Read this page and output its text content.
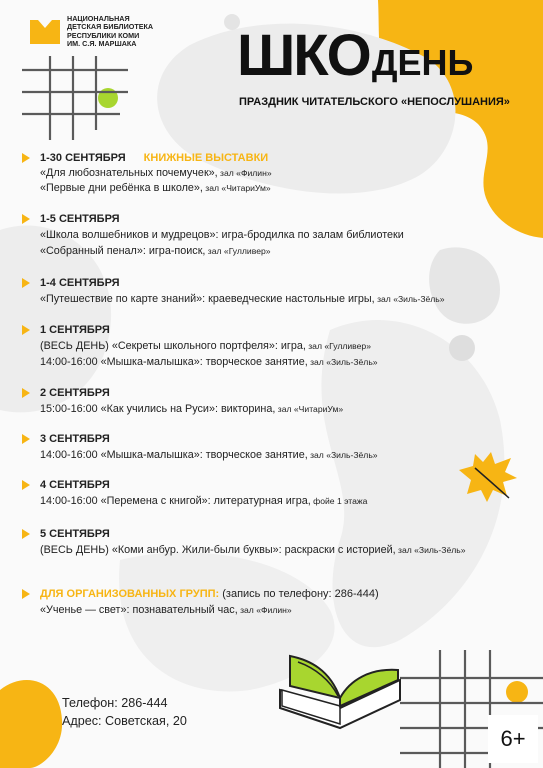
НАЦИОНАЛЬНАЯ
ДЕТСКАЯ БИБЛИОТЕКА
РЕСПУБЛИКИ КОМИ
ИМ. С.Я. МАРШАКА ШКОДЕНЬ
ПРАЗДНИК ЧИТАТЕЛЬСКОГО «НЕПОСЛУШАНИЯ»
1-30 СЕНТЯБРЯ КНИЖНЫЕ ВЫСТАВКИ
«Для любознательных почемучек», зал «Филин»
«Первые дни ребёнка в школе», зал «ЧитариУм»
1-5 СЕНТЯБРЯ
«Школа волшебников и мудрецов»: игра-бродилка по залам библиотеки
«Собранный пенал»: игра-поиск, зал «Гулливер»
1-4 СЕНТЯБРЯ
«Путешествие по карте знаний»: краеведческие настольные игры, зал «Зиль-Зёль»
1 СЕНТЯБРЯ
(ВЕСЬ ДЕНЬ) «Секреты школьного портфеля»: игра, зал «Гулливер»
14:00-16:00 «Мышка-малышка»: творческое занятие, зал «Зиль-Зёль»
2 СЕНТЯБРЯ
15:00-16:00 «Как учились на Руси»: викторина, зал «ЧитариУм»
3 СЕНТЯБРЯ
14:00-16:00 «Мышка-малышка»: творческое занятие, зал «Зиль-Зёль»
4 СЕНТЯБРЯ
14:00-16:00 «Перемена с книгой»: литературная игра, фойе 1 этажа
5 СЕНТЯБРЯ
(ВЕСЬ ДЕНЬ) «Коми анбур. Жили-были буквы»: раскраски с историей, зал «Зиль-Зёль»
ДЛЯ ОРГАНИЗОВАННЫХ ГРУПП: (запись по телефону: 286-444)
«Ученье — свет»: познавательный час, зал «Филин»
Телефон: 286-444
Адрес: Советская, 20
6+
